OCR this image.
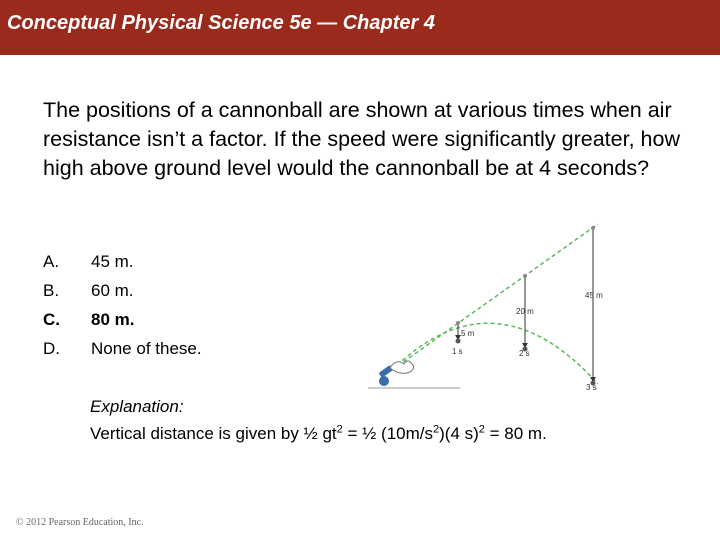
Conceptual Physical Science 5e — Chapter 4
The positions of a cannonball are shown at various times when air resistance isn’t a factor. If the speed were significantly greater, how high above ground level would the cannonball be at 4 seconds?
A.	45 m.
B.	60 m.
C.	80 m.
D.	None of these.
5 m
20 m
45 m
1 s	2 s
3 s
Explanation:
Vertical distance is given by ½ $gt^2$ = ½ $(10m/s^2)(4$ s)$^2$ = 80 m.
© 2012 Pearson Education, Inc.
